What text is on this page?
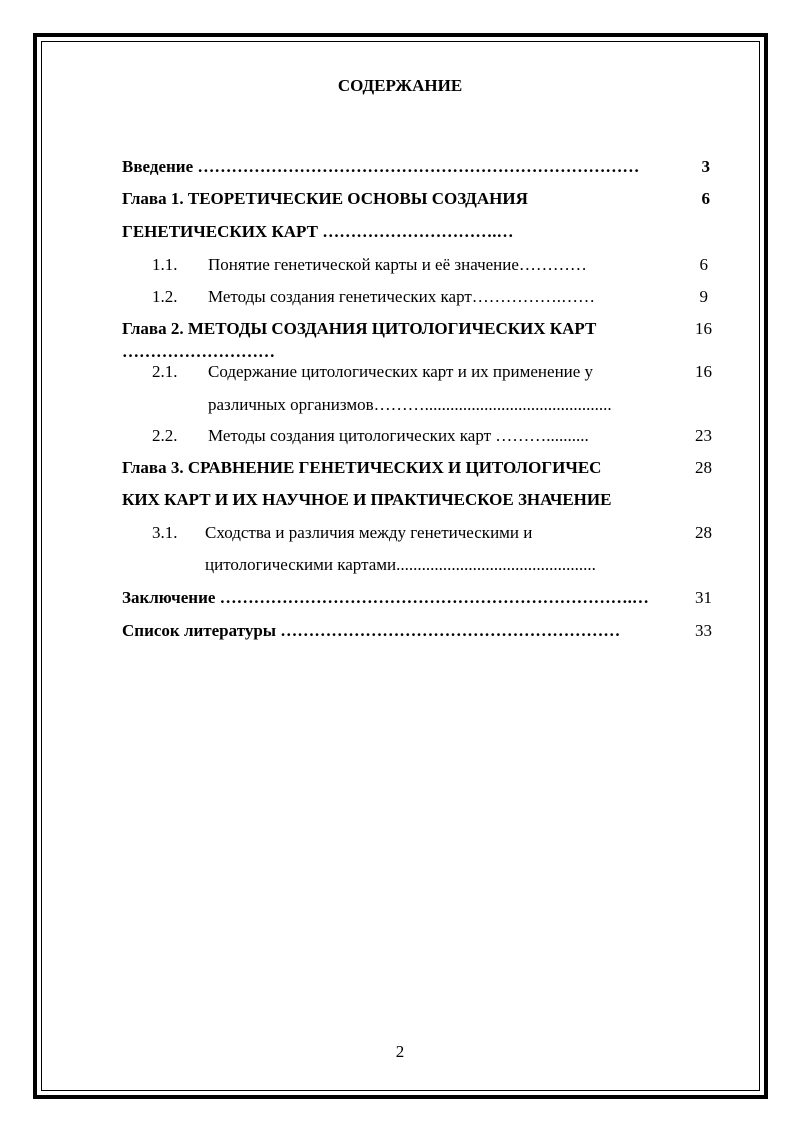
СОДЕРЖАНИЕ
Введение ……………………………………………………………………	3
Глава 1. ТЕОРЕТИЧЕСКИЕ ОСНОВЫ СОЗДАНИЯ	6
ГЕНЕТИЧЕСКИХ КАРТ ………………………….…
1.1. Понятие генетической карты и её значение…………	6
1.2. Методы создания генетических карт…………….……	9
Глава 2. МЕТОДЫ СОЗДАНИЯ ЦИТОЛОГИЧЕСКИХ КАРТ	16
………………………
2.1. Содержание цитологических карт и их применение у	16
различных организмов………............................................
2.2. Методы создания цитологических карт ………..........	23
Глава 3. СРАВНЕНИЕ ГЕНЕТИЧЕСКИХ И ЦИТОЛОГИЧЕС	28
КИХ КАРТ И ИХ НАУЧНОЕ И ПРАКТИЧЕСКОЕ ЗНАЧЕНИЕ
3.1. Сходства и различия между генетическими и	28
цитологическими картами...............................................
Заключение ……………………………………………………………….…	31
Список литературы ……………………………………………………	33
2
